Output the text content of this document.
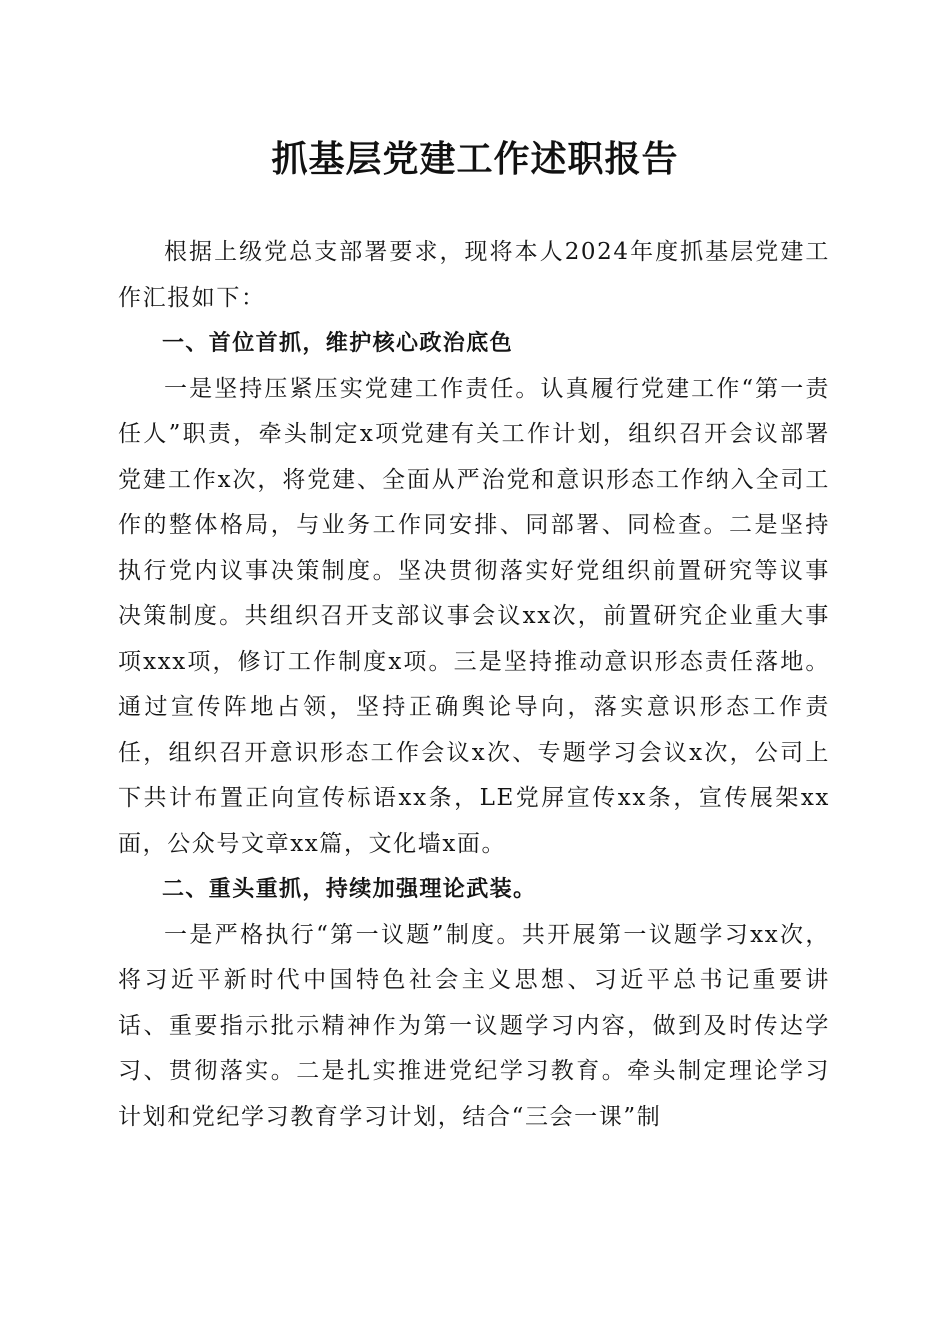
抓基层党建工作述职报告

根据上级党总支部署要求，现将本人2024年度抓基层党建工作汇报如下：

一、首位首抓，维护核心政治底色

一是坚持压紧压实党建工作责任。认真履行党建工作“第一责任人”职责，牵头制定x项党建有关工作计划，组织召开会议部署党建工作x次，将党建、全面从严治党和意识形态工作纳入全司工作的整体格局，与业务工作同安排、同部署、同检查。二是坚持执行党内议事决策制度。坚决贯彻落实好党组织前置研究等议事决策制度。共组织召开支部议事会议xx次，前置研究企业重大事项xxx项，修订工作制度x项。三是坚持推动意识形态责任落地。通过宣传阵地占领，坚持正确舆论导向，落实意识形态工作责任，组织召开意识形态工作会议x次、专题学习会议x次，公司上下共计布置正向宣传标语xx条，LE党屏宣传xx条，宣传展架xx面，公众号文章xx篇，文化墙x面。

二、重头重抓，持续加强理论武装。

一是严格执行“第一议题”制度。共开展第一议题学习xx次，将习近平新时代中国特色社会主义思想、习近平总书记重要讲话、重要指示批示精神作为第一议题学习内容，做到及时传达学习、贯彻落实。二是扎实推进党纪学习教育。牵头制定理论学习计划和党纪学习教育学习计划，结合“三会一课”制
